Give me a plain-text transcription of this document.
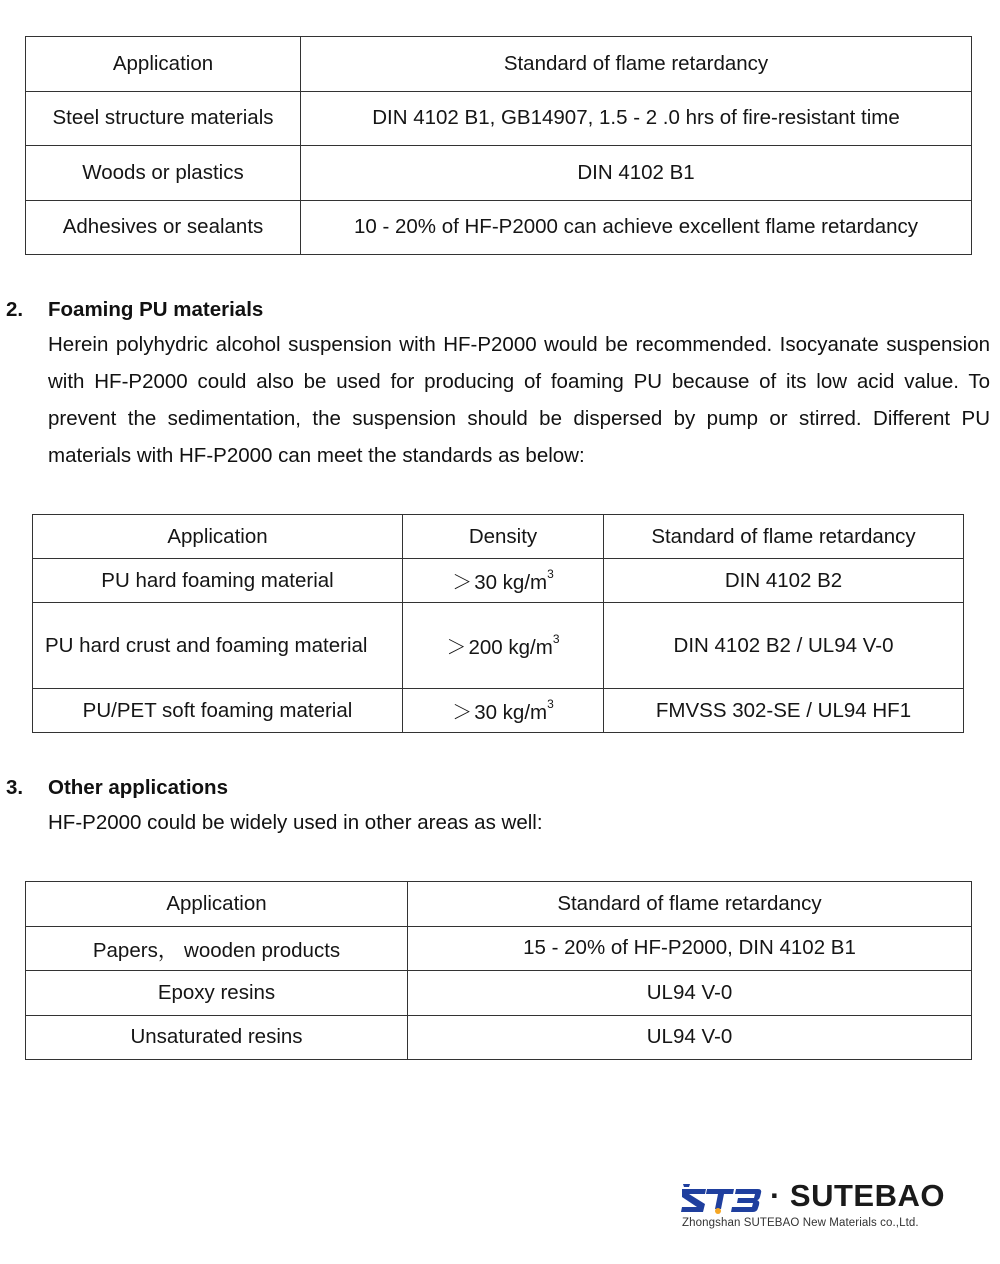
Application	Standard of flame retardancy
Steel structure materials	DIN 4102 B1, GB14907, 1.5 - 2 .0 hrs of fire-resistant time
Woods or plastics	DIN 4102 B1
Adhesives or sealants	10 - 20% of HF-P2000 can achieve excellent flame retardancy
2.	Foaming PU materials
Herein polyhydric alcohol suspension with HF-P2000 would be recommended. Isocyanate suspension with HF-P2000 could also be used for producing of foaming PU because of its low acid value. To prevent the sedimentation, the suspension should be dispersed by pump or stirred. Different PU materials with HF-P2000 can meet the standards as below:
Application	Density	Standard of flame retardancy
PU hard foaming material	＞30 $kg/m^3$	DIN 4102 B2
PU hard crust and foaming material	＞200 $kg/m^3$	DIN 4102 B2 / UL94 V-0
PU/PET soft foaming material	＞30 $kg/m^3$	FMVSS 302-SE / UL94 HF1
3.	Other applications
HF-P2000 could be widely used in other areas as well:
Application	Standard of flame retardancy
Papers， wooden products	15 - 20% of HF-P2000, DIN 4102 B1
Epoxy resins	UL94 V-0
Unsaturated resins	UL94 V-0
· SUTEBAO
Zhongshan SUTEBAO New Materials co.,Ltd.
